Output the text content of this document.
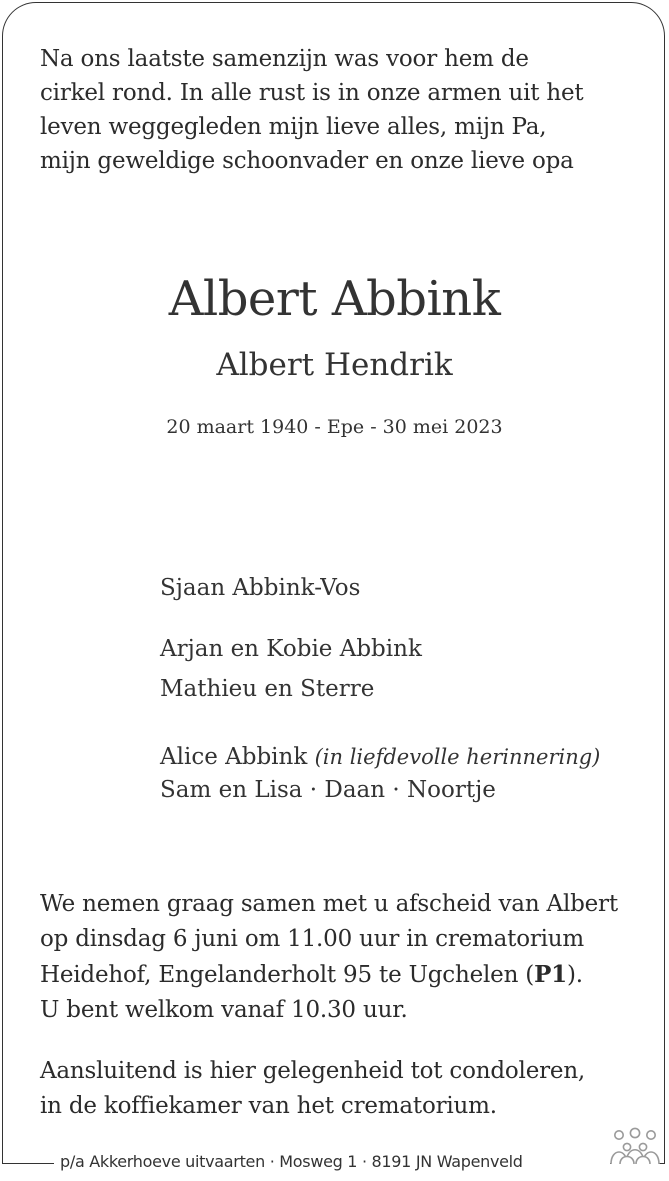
Na ons laatste samenzijn was voor hem de
cirkel rond. In alle rust is in onze armen uit het
leven weggegleden mijn lieve alles, mijn Pa,
mijn geweldige schoonvader en onze lieve opa

Albert Abbink
Albert Hendrik

20 maart 1940 - Epe - 30 mei 2023

Sjaan Abbink-Vos

Arjan en Kobie Abbink

Mathieu en Sterre

Alice Abbink (in liefdevolle herinnering)

Sam en Lisa · Daan · Noortje

We nemen graag samen met u afscheid van Albert
op dinsdag 6 juni om 11.00 uur in crematorium
Heidehof, Engelanderholt 95 te Ugchelen (P1).
U bent welkom vanaf 10.30 uur.

Aansluitend is hier gelegenheid tot condoleren,
in de koffiekamer van het crematorium.

p/a Akkerhoeve uitvaarten · Mosweg 1 · 8191 JN Wapenveld
